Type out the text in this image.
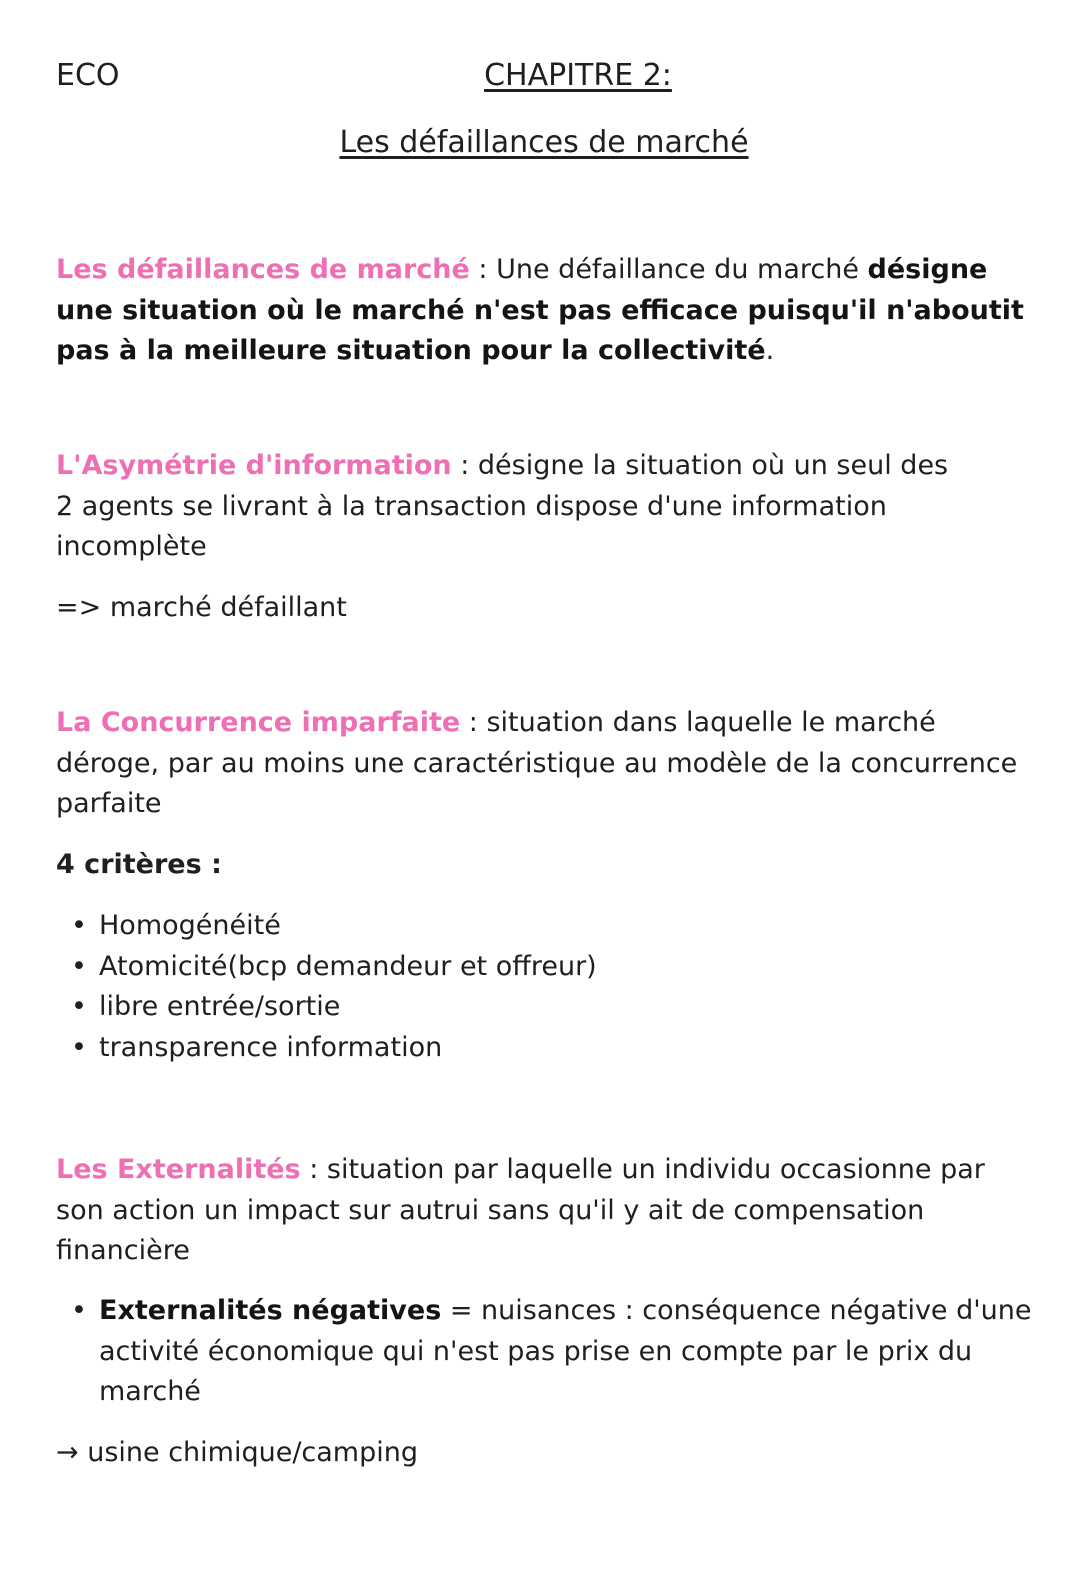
ECO	CHAPITRE 2:
Les défaillances de marché
Les défaillances de marché : Une défaillance du marché désigne une situation où le marché n'est pas efficace puisqu'il n'aboutit pas à la meilleure situation pour la collectivité.
L'Asymétrie d'information : désigne la situation où un seul des 2 agents se livrant à la transaction dispose d'une information incomplète
=> marché défaillant
La Concurrence imparfaite : situation dans laquelle le marché déroge, par au moins une caractéristique au modèle de la concurrence parfaite
4 critères :
• Homogénéité
• Atomicité(bcp demandeur et offreur)
• libre entrée/sortie
• transparence information
Les Externalités : situation par laquelle un individu occasionne par son action un impact sur autrui sans qu'il y ait de compensation financière
• Externalités négatives = nuisances : conséquence négative d'une activité économique qui n'est pas prise en compte par le prix du marché
→ usine chimique/camping
